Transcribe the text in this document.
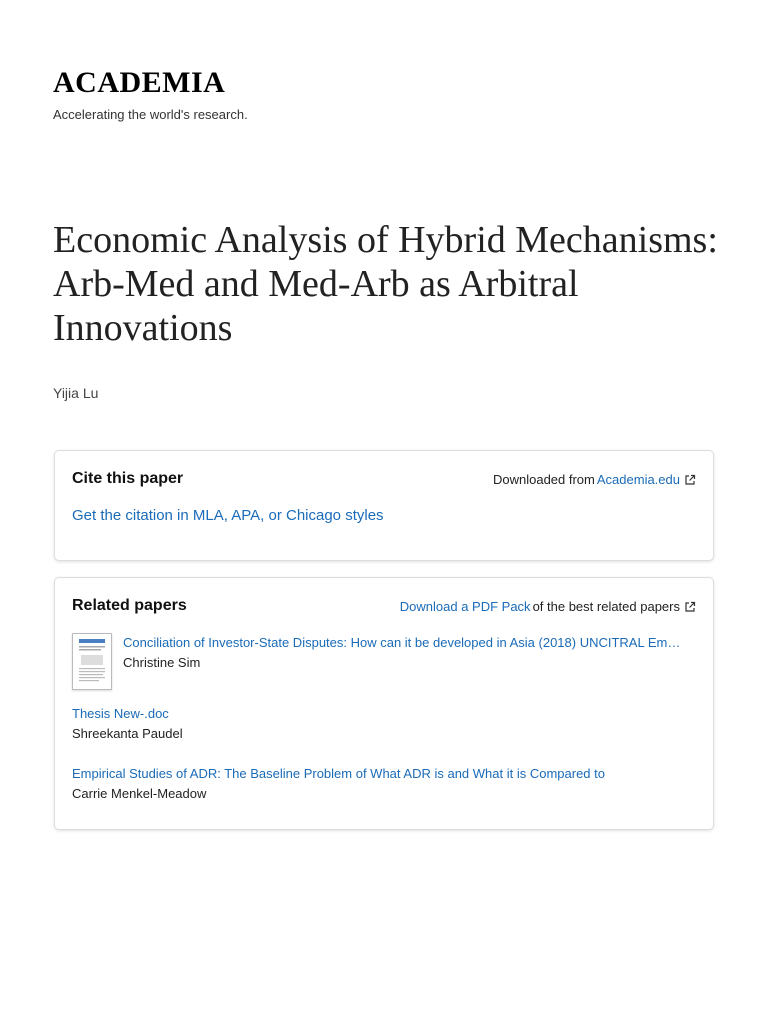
ACADEMIA
Accelerating the world's research.
Economic Analysis of Hybrid Mechanisms: Arb-Med and Med-Arb as Arbitral Innovations
Yijia Lu
Cite this paper	Downloaded from Academia.edu
Get the citation in MLA, APA, or Chicago styles
Related papers	Download a PDF Pack of the best related papers
Conciliation of Investor-State Disputes: How can it be developed in Asia (2018) UNCITRAL Em…
Christine Sim
Thesis New-.doc
Shreekanta Paudel
Empirical Studies of ADR: The Baseline Problem of What ADR is and What it is Compared to
Carrie Menkel-Meadow
